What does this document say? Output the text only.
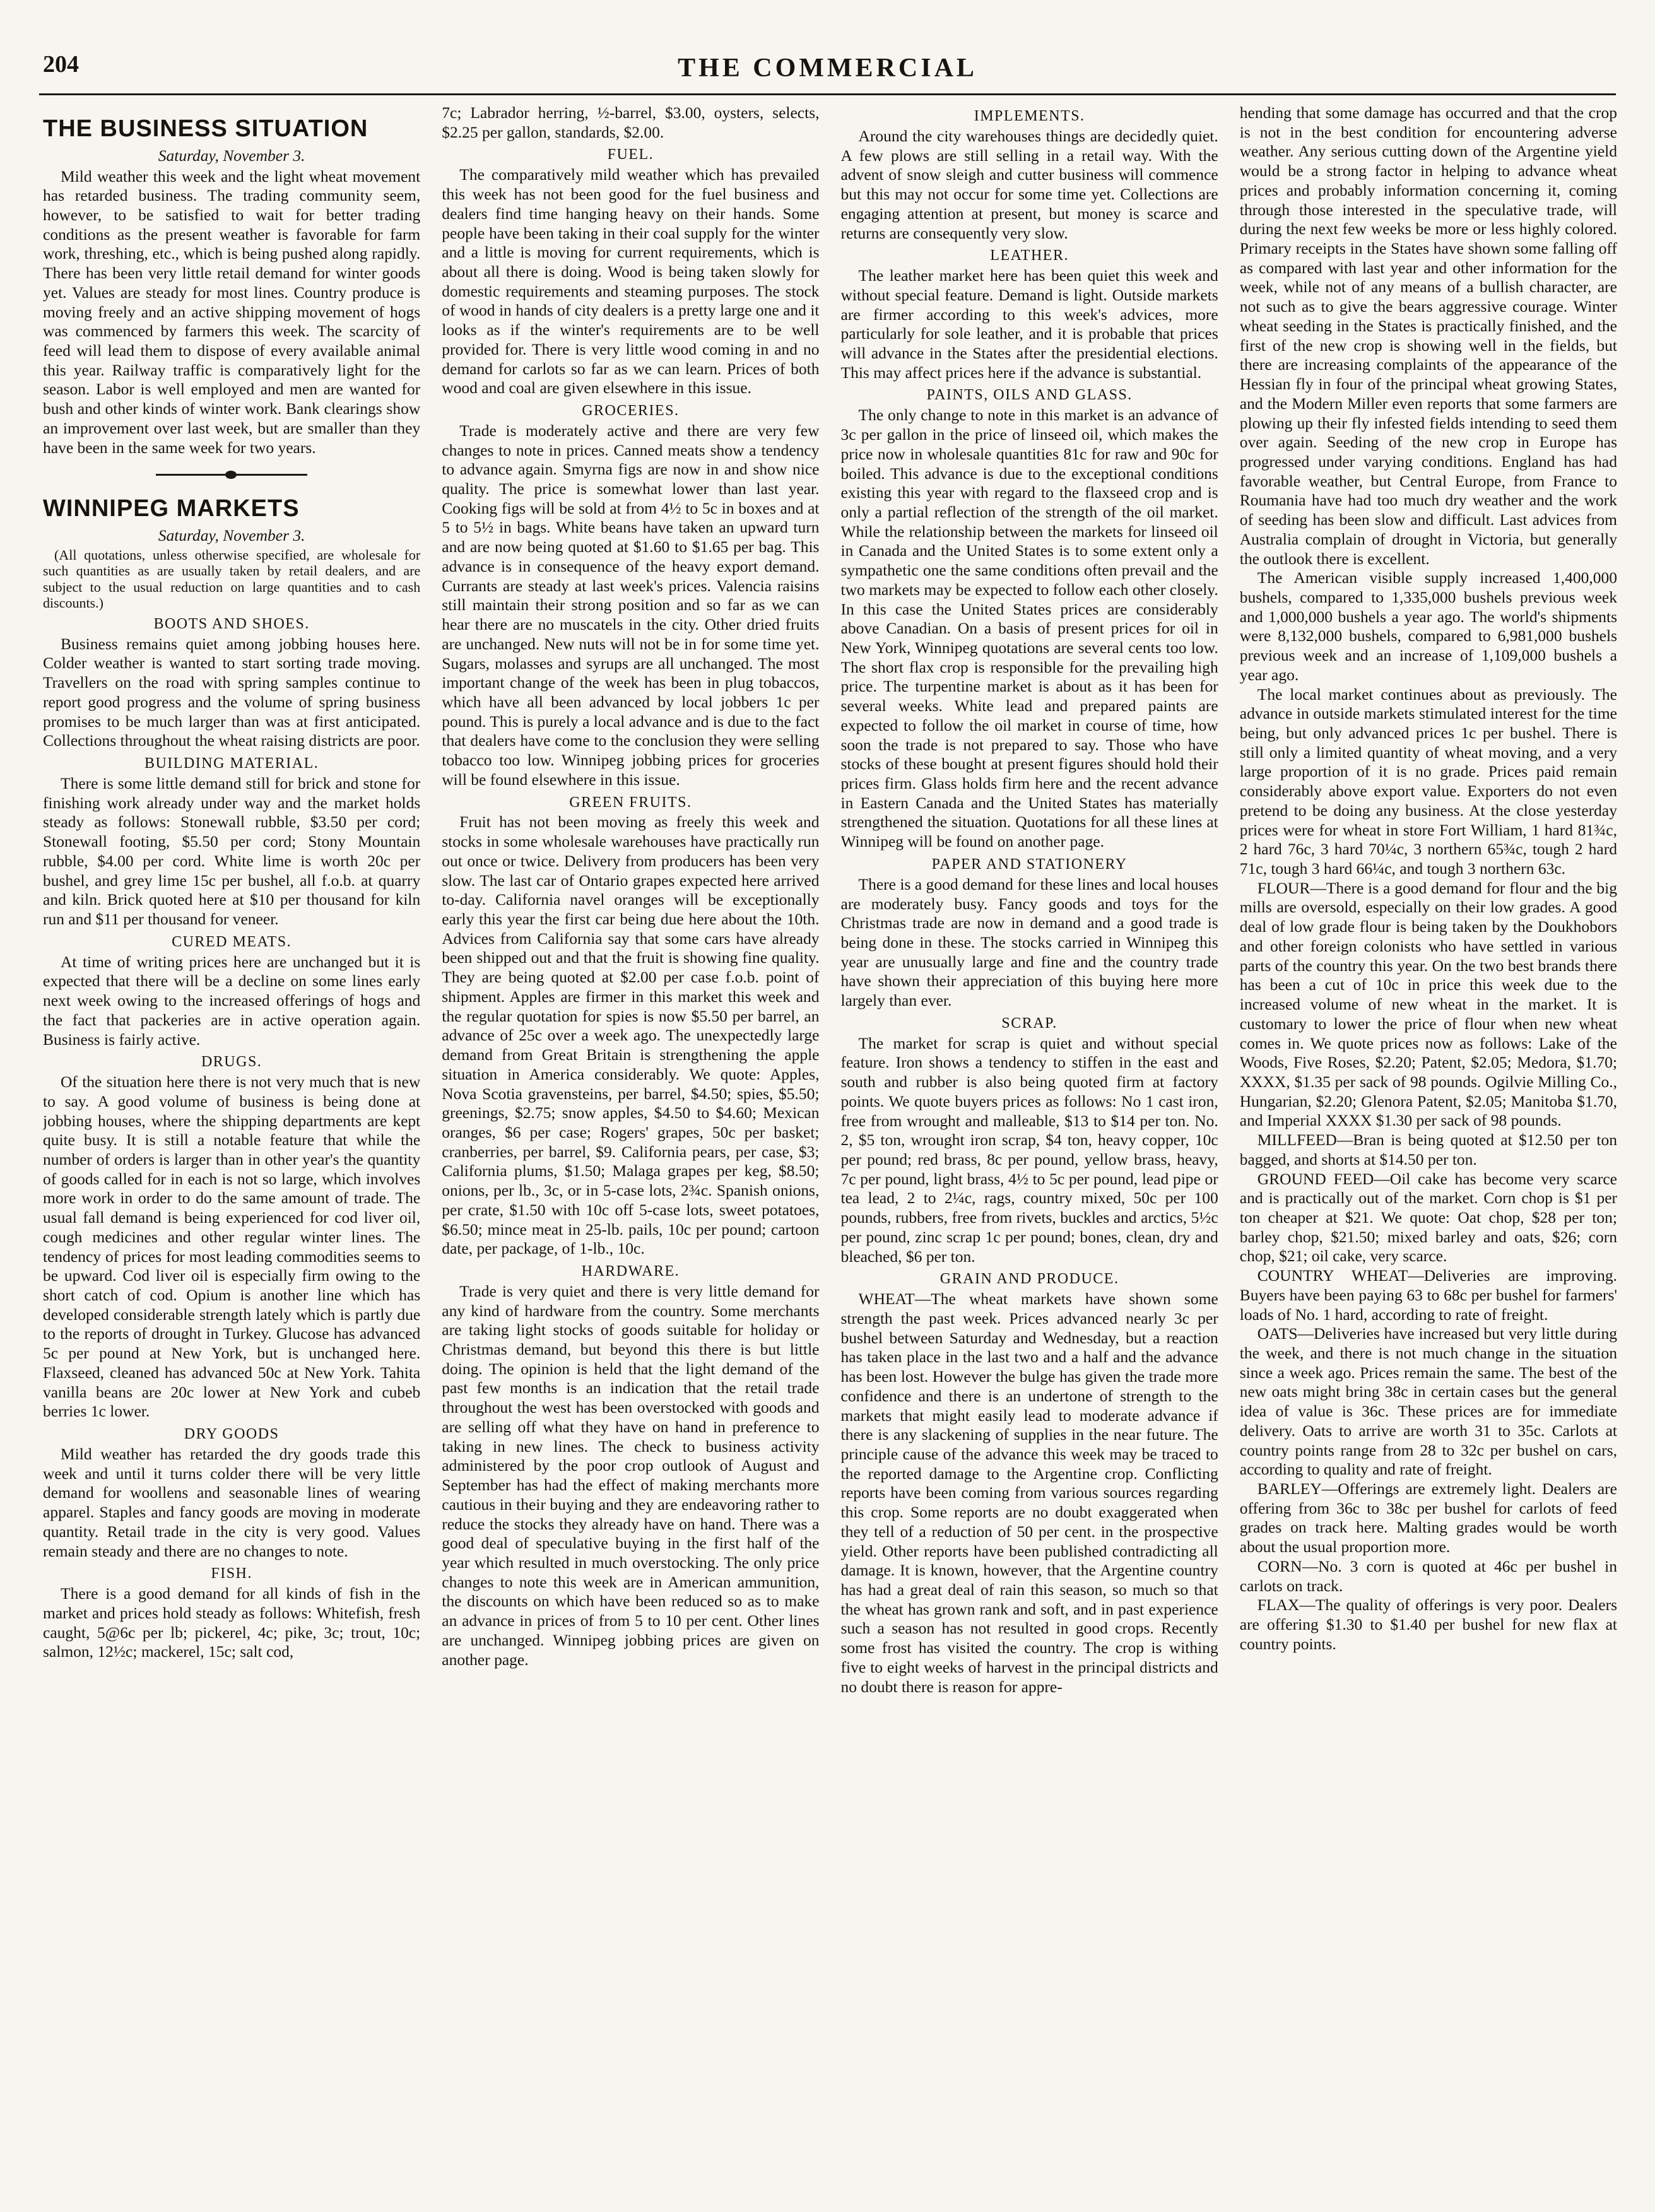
204	THE COMMERCIAL
THE BUSINESS SITUATION

Saturday, November 3.

Mild weather this week and the light wheat movement has retarded business. The trading community seem, however, to be satisfied to wait for better trading conditions as the present weather is favorable for farm work, threshing, etc., which is being pushed along rapidly. There has been very little retail demand for winter goods yet. Values are steady for most lines. Country produce is moving freely and an active shipping movement of hogs was commenced by farmers this week. The scarcity of feed will lead them to dispose of every available animal this year. Railway traffic is comparatively light for the season. Labor is well employed and men are wanted for bush and other kinds of winter work. Bank clearings show an improvement over last week, but are smaller than they have been in the same week for two years.

WINNIPEG MARKETS

Saturday, November 3.

(All quotations, unless otherwise specified, are wholesale for such quantities as are usually taken by retail dealers, and are subject to the usual reduction on large quantities and to cash discounts.)

BOOTS AND SHOES.

Business remains quiet among jobbing houses here. Colder weather is wanted to start sorting trade moving. Travellers on the road with spring samples continue to report good progress and the volume of spring business promises to be much larger than was at first anticipated. Collections throughout the wheat raising districts are poor.

BUILDING MATERIAL.

There is some little demand still for brick and stone for finishing work already under way and the market holds steady as follows: Stonewall rubble, $3.50 per cord; Stonewall footing, $5.50 per cord; Stony Mountain rubble, $4.00 per cord. White lime is worth 20c per bushel, and grey lime 15c per bushel, all f.o.b. at quarry and kiln. Brick quoted here at $10 per thousand for kiln run and $11 per thousand for veneer.

CURED MEATS.

At time of writing prices here are unchanged but it is expected that there will be a decline on some lines early next week owing to the increased offerings of hogs and the fact that packeries are in active operation again. Business is fairly active.

DRUGS.

Of the situation here there is not very much that is new to say. A good volume of business is being done at jobbing houses, where the shipping departments are kept quite busy. It is still a notable feature that while the number of orders is larger than in other year's the quantity of goods called for in each is not so large, which involves more work in order to do the same amount of trade. The usual fall demand is being experienced for cod liver oil, cough medicines and other regular winter lines. The tendency of prices for most leading commodities seems to be upward. Cod liver oil is especially firm owing to the short catch of cod. Opium is another line which has developed considerable strength lately which is partly due to the reports of drought in Turkey. Glucose has advanced 5c per pound at New York, but is unchanged here. Flaxseed, cleaned has advanced 50c at New York. Tahita vanilla beans are 20c lower at New York and cubeb berries 1c lower.

DRY GOODS

Mild weather has retarded the dry goods trade this week and until it turns colder there will be very little demand for woollens and seasonable lines of wearing apparel. Staples and fancy goods are moving in moderate quantity. Retail trade in the city is very good. Values remain steady and there are no changes to note.

FISH.

There is a good demand for all kinds of fish in the market and prices hold steady as follows: Whitefish, fresh caught, 5@6c per lb; pickerel, 4c; pike, 3c; trout, 10c; salmon, 12½c; mackerel, 15c; salt cod,

7c; Labrador herring, ½-barrel, $3.00, oysters, selects, $2.25 per gallon, standards, $2.00.

FUEL.

The comparatively mild weather which has prevailed this week has not been good for the fuel business and dealers find time hanging heavy on their hands. Some people have been taking in their coal supply for the winter and a little is moving for current requirements, which is about all there is doing. Wood is being taken slowly for domestic requirements and steaming purposes. The stock of wood in hands of city dealers is a pretty large one and it looks as if the winter's requirements are to be well provided for. There is very little wood coming in and no demand for carlots so far as we can learn. Prices of both wood and coal are given elsewhere in this issue.

GROCERIES.

Trade is moderately active and there are very few changes to note in prices. Canned meats show a tendency to advance again. Smyrna figs are now in and show nice quality. The price is somewhat lower than last year. Cooking figs will be sold at from 4½ to 5c in boxes and at 5 to 5½ in bags. White beans have taken an upward turn and are now being quoted at $1.60 to $1.65 per bag. This advance is in consequence of the heavy export demand. Currants are steady at last week's prices. Valencia raisins still maintain their strong position and so far as we can hear there are no muscatels in the city. Other dried fruits are unchanged. New nuts will not be in for some time yet. Sugars, molasses and syrups are all unchanged. The most important change of the week has been in plug tobaccos, which have all been advanced by local jobbers 1c per pound. This is purely a local advance and is due to the fact that dealers have come to the conclusion they were selling tobacco too low. Winnipeg jobbing prices for groceries will be found elsewhere in this issue.

GREEN FRUITS.

Fruit has not been moving as freely this week and stocks in some wholesale warehouses have practically run out once or twice. Delivery from producers has been very slow. The last car of Ontario grapes expected here arrived to-day. California navel oranges will be exceptionally early this year the first car being due here about the 10th. Advices from California say that some cars have already been shipped out and that the fruit is showing fine quality. They are being quoted at $2.00 per case f.o.b. point of shipment. Apples are firmer in this market this week and the regular quotation for spies is now $5.50 per barrel, an advance of 25c over a week ago. The unexpectedly large demand from Great Britain is strengthening the apple situation in America considerably. We quote: Apples, Nova Scotia gravensteins, per barrel, $4.50; spies, $5.50; greenings, $2.75; snow apples, $4.50 to $4.60; Mexican oranges, $6 per case; Rogers' grapes, 50c per basket; cranberries, per barrel, $9. California pears, per case, $3; California plums, $1.50; Malaga grapes per keg, $8.50; onions, per lb., 3c, or in 5-case lots, 2¾c. Spanish onions, per crate, $1.50 with 10c off 5-case lots, sweet potatoes, $6.50; mince meat in 25-lb. pails, 10c per pound; cartoon date, per package, of 1-lb., 10c.

HARDWARE.

Trade is very quiet and there is very little demand for any kind of hardware from the country. Some merchants are taking light stocks of goods suitable for holiday or Christmas demand, but beyond this there is but little doing. The opinion is held that the light demand of the past few months is an indication that the retail trade throughout the west has been overstocked with goods and are selling off what they have on hand in preference to taking in new lines. The check to business activity administered by the poor crop outlook of August and September has had the effect of making merchants more cautious in their buying and they are endeavoring rather to reduce the stocks they already have on hand. There was a good deal of speculative buying in the first half of the year which resulted in much overstocking. The only price changes to note this week are in American ammunition, the discounts on which have been reduced so as to make an advance in prices of from 5 to 10 per cent. Other lines are unchanged. Winnipeg jobbing prices are given on another page.

IMPLEMENTS.

Around the city warehouses things are decidedly quiet. A few plows are still selling in a retail way. With the advent of snow sleigh and cutter business will commence but this may not occur for some time yet. Collections are engaging attention at present, but money is scarce and returns are consequently very slow.

LEATHER.

The leather market here has been quiet this week and without special feature. Demand is light. Outside markets are firmer according to this week's advices, more particularly for sole leather, and it is probable that prices will advance in the States after the presidential elections. This may affect prices here if the advance is substantial.

PAINTS, OILS AND GLASS.

The only change to note in this market is an advance of 3c per gallon in the price of linseed oil, which makes the price now in wholesale quantities 81c for raw and 90c for boiled. This advance is due to the exceptional conditions existing this year with regard to the flaxseed crop and is only a partial reflection of the strength of the oil market. While the relationship between the markets for linseed oil in Canada and the United States is to some extent only a sympathetic one the same conditions often prevail and the two markets may be expected to follow each other closely. In this case the United States prices are considerably above Canadian. On a basis of present prices for oil in New York, Winnipeg quotations are several cents too low. The short flax crop is responsible for the prevailing high price. The turpentine market is about as it has been for several weeks. White lead and prepared paints are expected to follow the oil market in course of time, how soon the trade is not prepared to say. Those who have stocks of these bought at present figures should hold their prices firm. Glass holds firm here and the recent advance in Eastern Canada and the United States has materially strengthened the situation. Quotations for all these lines at Winnipeg will be found on another page.

PAPER AND STATIONERY

There is a good demand for these lines and local houses are moderately busy. Fancy goods and toys for the Christmas trade are now in demand and a good trade is being done in these. The stocks carried in Winnipeg this year are unusually large and fine and the country trade have shown their appreciation of this buying here more largely than ever.

SCRAP.

The market for scrap is quiet and without special feature. Iron shows a tendency to stiffen in the east and south and rubber is also being quoted firm at factory points. We quote buyers prices as follows: No 1 cast iron, free from wrought and malleable, $13 to $14 per ton. No. 2, $5 ton, wrought iron scrap, $4 ton, heavy copper, 10c per pound; red brass, 8c per pound, yellow brass, heavy, 7c per pound, light brass, 4½ to 5c per pound, lead pipe or tea lead, 2 to 2¼c, rags, country mixed, 50c per 100 pounds, rubbers, free from rivets, buckles and arctics, 5½c per pound, zinc scrap 1c per pound; bones, clean, dry and bleached, $6 per ton.

GRAIN AND PRODUCE.

WHEAT—The wheat markets have shown some strength the past week. Prices advanced nearly 3c per bushel between Saturday and Wednesday, but a reaction has taken place in the last two and a half and the advance has been lost. However the bulge has given the trade more confidence and there is an undertone of strength to the markets that might easily lead to moderate advance if there is any slackening of supplies in the near future. The principle cause of the advance this week may be traced to the reported damage to the Argentine crop. Conflicting reports have been coming from various sources regarding this crop. Some reports are no doubt exaggerated when they tell of a reduction of 50 per cent. in the prospective yield. Other reports have been published contradicting all damage. It is known, however, that the Argentine country has had a great deal of rain this season, so much so that the wheat has grown rank and soft, and in past experience such a season has not resulted in good crops. Recently some frost has visited the country. The crop is withing five to eight weeks of harvest in the principal districts and no doubt there is reason for appre-

hending that some damage has occurred and that the crop is not in the best condition for encountering adverse weather. Any serious cutting down of the Argentine yield would be a strong factor in helping to advance wheat prices and probably information concerning it, coming through those interested in the speculative trade, will during the next few weeks be more or less highly colored. Primary receipts in the States have shown some falling off as compared with last year and other information for the week, while not of any means of a bullish character, are not such as to give the bears aggressive courage. Winter wheat seeding in the States is practically finished, and the first of the new crop is showing well in the fields, but there are increasing complaints of the appearance of the Hessian fly in four of the principal wheat growing States, and the Modern Miller even reports that some farmers are plowing up their fly infested fields intending to seed them over again. Seeding of the new crop in Europe has progressed under varying conditions. England has had favorable weather, but Central Europe, from France to Roumania have had too much dry weather and the work of seeding has been slow and difficult. Last advices from Australia complain of drought in Victoria, but generally the outlook there is excellent.

The American visible supply increased 1,400,000 bushels, compared to 1,335,000 bushels previous week and 1,000,000 bushels a year ago. The world's shipments were 8,132,000 bushels, compared to 6,981,000 bushels previous week and an increase of 1,109,000 bushels a year ago.

The local market continues about as previously. The advance in outside markets stimulated interest for the time being, but only advanced prices 1c per bushel. There is still only a limited quantity of wheat moving, and a very large proportion of it is no grade. Prices paid remain considerably above export value. Exporters do not even pretend to be doing any business. At the close yesterday prices were for wheat in store Fort William, 1 hard 81¾c, 2 hard 76c, 3 hard 70¼c, 3 northern 65¾c, tough 2 hard 71c, tough 3 hard 66¼c, and tough 3 northern 63c.

FLOUR—There is a good demand for flour and the big mills are oversold, especially on their low grades. A good deal of low grade flour is being taken by the Doukhobors and other foreign colonists who have settled in various parts of the country this year. On the two best brands there has been a cut of 10c in price this week due to the increased volume of new wheat in the market. It is customary to lower the price of flour when new wheat comes in. We quote prices now as follows: Lake of the Woods, Five Roses, $2.20; Patent, $2.05; Medora, $1.70; XXXX, $1.35 per sack of 98 pounds. Ogilvie Milling Co., Hungarian, $2.20; Glenora Patent, $2.05; Manitoba $1.70, and Imperial XXXX $1.30 per sack of 98 pounds.

MILLFEED—Bran is being quoted at $12.50 per ton bagged, and shorts at $14.50 per ton.

GROUND FEED—Oil cake has become very scarce and is practically out of the market. Corn chop is $1 per ton cheaper at $21. We quote: Oat chop, $28 per ton; barley chop, $21.50; mixed barley and oats, $26; corn chop, $21; oil cake, very scarce.

COUNTRY WHEAT—Deliveries are improving. Buyers have been paying 63 to 68c per bushel for farmers' loads of No. 1 hard, according to rate of freight.

OATS—Deliveries have increased but very little during the week, and there is not much change in the situation since a week ago. Prices remain the same. The best of the new oats might bring 38c in certain cases but the general idea of value is 36c. These prices are for immediate delivery. Oats to arrive are worth 31 to 35c. Carlots at country points range from 28 to 32c per bushel on cars, according to quality and rate of freight.

BARLEY—Offerings are extremely light. Dealers are offering from 36c to 38c per bushel for carlots of feed grades on track here. Malting grades would be worth about the usual proportion more.

CORN—No. 3 corn is quoted at 46c per bushel in carlots on track.

FLAX—The quality of offerings is very poor. Dealers are offering $1.30 to $1.40 per bushel for new flax at country points.
